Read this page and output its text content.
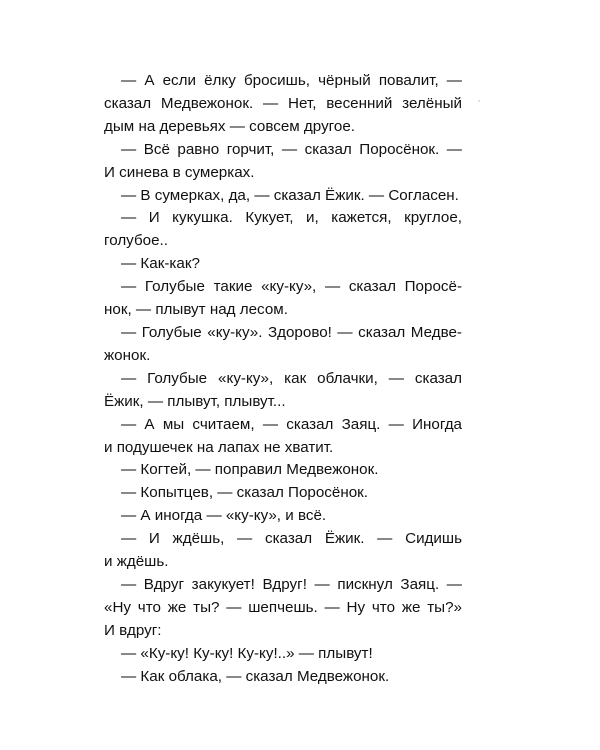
— А если ёлку бросишь, чёрный повалит, —
сказал Медвежонок. — Нет, весенний зелёный
дым на деревьях — совсем другое.
— Всё равно горчит, — сказал Поросёнок. —
И синева в сумерках.
— В сумерках, да, — сказал Ёжик. — Согласен.
— И кукушка. Кукует, и, кажется, круглое,
голубое..
— Как-как?
— Голубые такие «ку-ку», — сказал Поросё-
нок, — плывут над лесом.
— Голубые «ку-ку». Здорово! — сказал Медве-
жонок.
— Голубые «ку-ку», как облачки, — сказал
Ёжик, — плывут, плывут...
— А мы считаем, — сказал Заяц. — Иногда
и подушечек на лапах не хватит.
— Когтей, — поправил Медвежонок.
— Копытцев, — сказал Поросёнок.
— А иногда — «ку-ку», и всё.
— И ждёшь, — сказал Ёжик. — Сидишь
и ждёшь.
— Вдруг закукует! Вдруг! — пискнул Заяц. —
«Ну что же ты? — шепчешь. — Ну что же ты?»
И вдруг:
— «Ку-ку! Ку-ку! Ку-ку!..» — плывут!
— Как облака, — сказал Медвежонок.
